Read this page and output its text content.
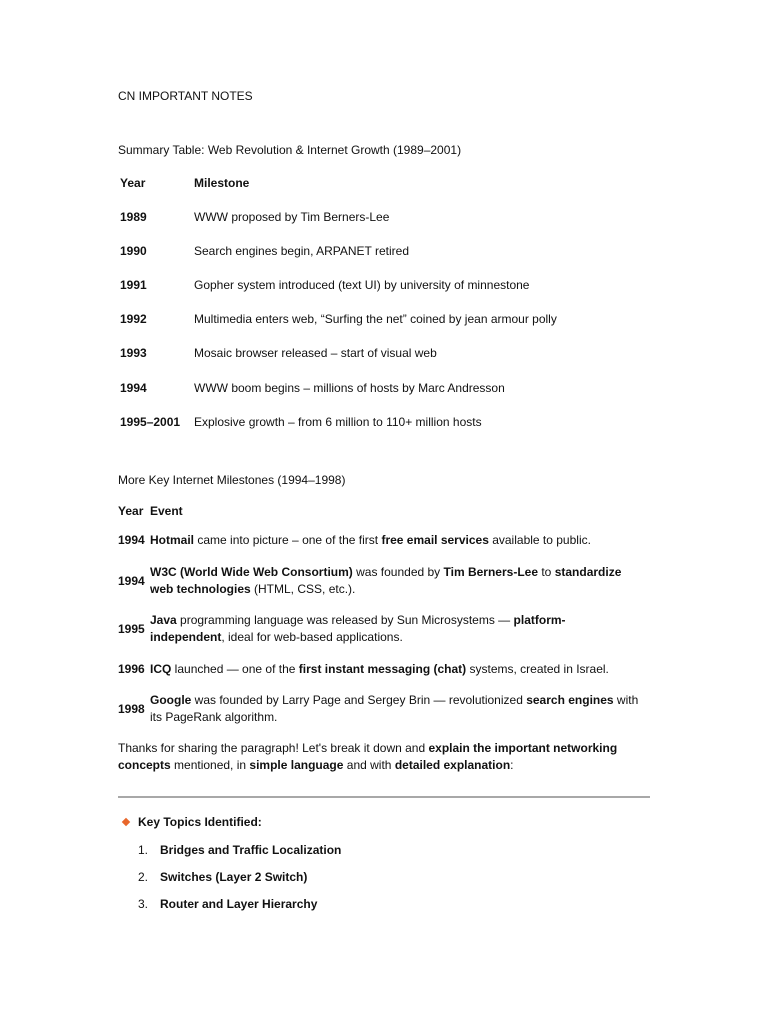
CN IMPORTANT NOTES
Summary Table: Web Revolution & Internet Growth (1989–2001)
Year	Milestone
1989	WWW proposed by Tim Berners-Lee
1990	Search engines begin, ARPANET retired
1991	Gopher system introduced (text UI) by university of minnestone
1992	Multimedia enters web, “Surfing the net” coined by jean armour polly
1993	Mosaic browser released – start of visual web
1994	WWW boom begins – millions of hosts by Marc Andresson
1995–2001 Explosive growth – from 6 million to 110+ million hosts
More Key Internet Milestones (1994–1998)
Year Event
1994 Hotmail came into picture – one of the first free email services available to public.
1994
W3C (World Wide Web Consortium) was founded by Tim Berners-Lee to standardize web technologies (HTML, CSS, etc.).
1995
Java programming language was released by Sun Microsystems — platform-independent, ideal for web-based applications.
1996 ICQ launched — one of the first instant messaging (chat) systems, created in Israel.
1998
Google was founded by Larry Page and Sergey Brin — revolutionized search engines with its PageRank algorithm.
Thanks for sharing the paragraph! Let's break it down and explain the important networking concepts mentioned, in simple language and with detailed explanation:
Key Topics Identified:
1. Bridges and Traffic Localization
2. Switches (Layer 2 Switch)
3. Router and Layer Hierarchy
